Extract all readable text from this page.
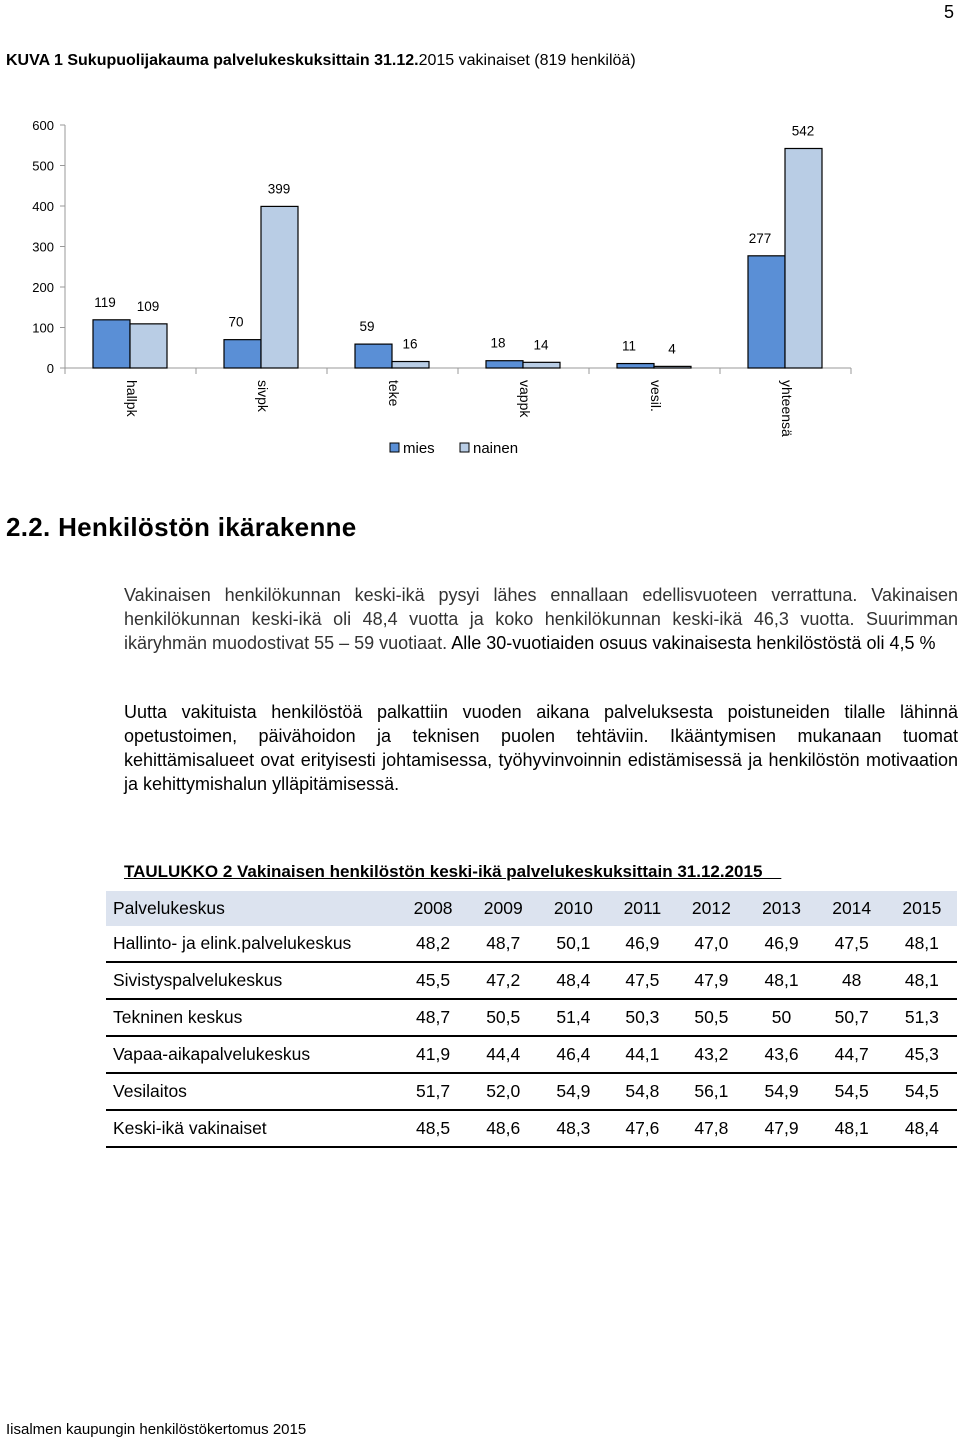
5
KUVA 1 Sukupuolijakauma palvelukeskuksittain 31.12.2015 vakinaiset (819 henkilöä)
0
100
200
300
400
500
600
119 109
hallpk
70
399
sivpk
59
16
teke
18 14
vappk
11 4
vesil.
277
542
yhteensä
mies	nainen
2.2. Henkilöstön ikärakenne
Vakinaisen henkilökunnan keski-ikä pysyi lähes ennallaan edellisvuoteen verrattuna. Vakinaisen henkilökunnan keski-ikä oli 48,4 vuotta ja koko henkilökunnan keski-ikä 46,3 vuotta. Suurimman ikäryhmän muodostivat 55 – 59 vuotiaat. Alle 30-vuotiaiden osuus vakinaisesta henkilöstöstä oli 4,5 %
Uutta vakituista henkilöstöä palkattiin vuoden aikana palveluksesta poistuneiden tilalle lähinnä opetustoimen, päivähoidon ja teknisen puolen tehtäviin. Ikääntymisen mukanaan tuomat kehittämisalueet ovat erityisesti johtamisessa, työhyvinvoinnin edistämisessä ja henkilöstön motivaation ja kehittymishalun ylläpitämisessä.
TAULUKKO 2 Vakinaisen henkilöstön keski-ikä palvelukeskuksittain 31.12.2015
Palvelukeskus	2008	2009	2010	2011	2012	2013	2014	2015
Hallinto- ja elink.palvelukeskus	48,2	48,7	50,1	46,9	47,0	46,9	47,5	48,1
Sivistyspalvelukeskus	45,5	47,2	48,4	47,5	47,9	48,1	48	48,1
Tekninen keskus	48,7	50,5	51,4	50,3	50,5	50	50,7	51,3
Vapaa-aikapalvelukeskus	41,9	44,4	46,4	44,1	43,2	43,6	44,7	45,3
Vesilaitos	51,7	52,0	54,9	54,8	56,1	54,9	54,5	54,5
Keski-ikä vakinaiset	48,5	48,6	48,3	47,6	47,8	47,9	48,1	48,4
Iisalmen kaupungin henkilöstökertomus 2015
